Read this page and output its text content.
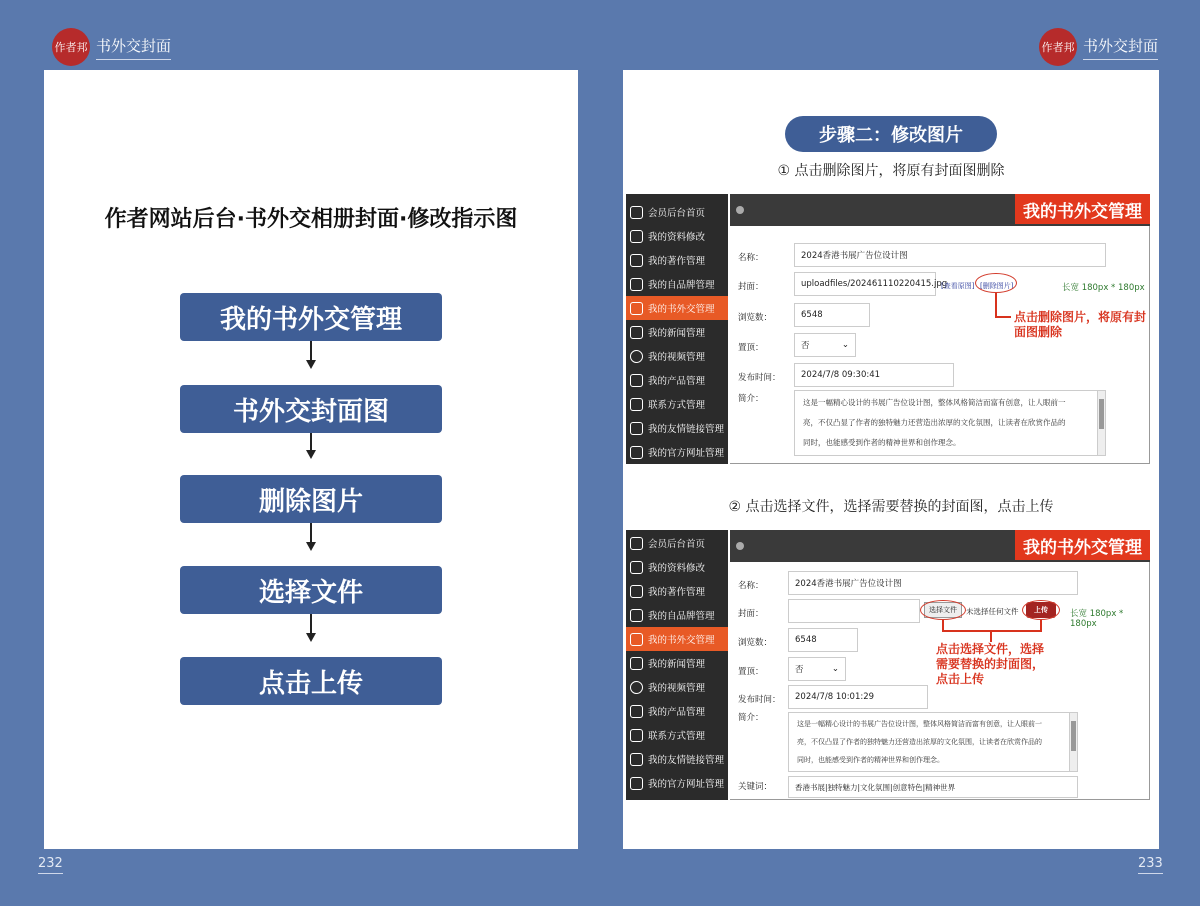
作者邦 书外交封面	作者邦 书外交封面
作者网站后台·书外交相册封面·修改指示图
我的书外交管理
书外交封面图
删除图片
选择文件
点击上传
步骤二：修改图片
① 点击删除图片，将原有封面图删除
会员后台首页
我的资料修改
我的著作管理
我的自品牌管理
我的书外交管理
我的新闻管理
我的视频管理
我的产品管理
联系方式管理
我的友情链接管理
我的官方网址管理
我的书外交管理
名称：	2024香港书展广告位设计图
封面：	uploadfiles/202461110220415.jpg
[查看原图] [删除图片]	长宽 180px * 180px
浏览数：	6548
置顶：	否	⌄
发布时间：	2024/7/8 09:30:41
简介：	这是一幅精心设计的书展广告位设计图，整体风格简洁而富有创意，让人眼前一
亮，不仅凸显了作者的独特魅力还营造出浓厚的文化氛围，让读者在欣赏作品的
同时，也能感受到作者的精神世界和创作理念。
点击删除图片，将原有封面图删除
② 点击选择文件，选择需要替换的封面图，点击上传
会员后台首页
我的资料修改
我的著作管理
我的自品牌管理
我的书外交管理
我的新闻管理
我的视频管理
我的产品管理
联系方式管理
我的友情链接管理
我的官方网址管理
我的书外交管理
名称：	2024香港书展广告位设计图
封面：	选择文件	未选择任何文件	上传	长宽 180px * 180px
浏览数：	6548
置顶：	否	⌄
发布时间：	2024/7/8 10:01:29
简介：
这是一幅精心设计的书展广告位设计图，整体风格简洁而富有创意，让人眼前一
亮，不仅凸显了作者的独特魅力还营造出浓厚的文化氛围，让读者在欣赏作品的
同时，也能感受到作者的精神世界和创作理念。
关键词：	香港书展|独特魅力|文化氛围|创意特色|精神世界
点击选择文件，选择需要替换的封面图，点击上传
232	233
